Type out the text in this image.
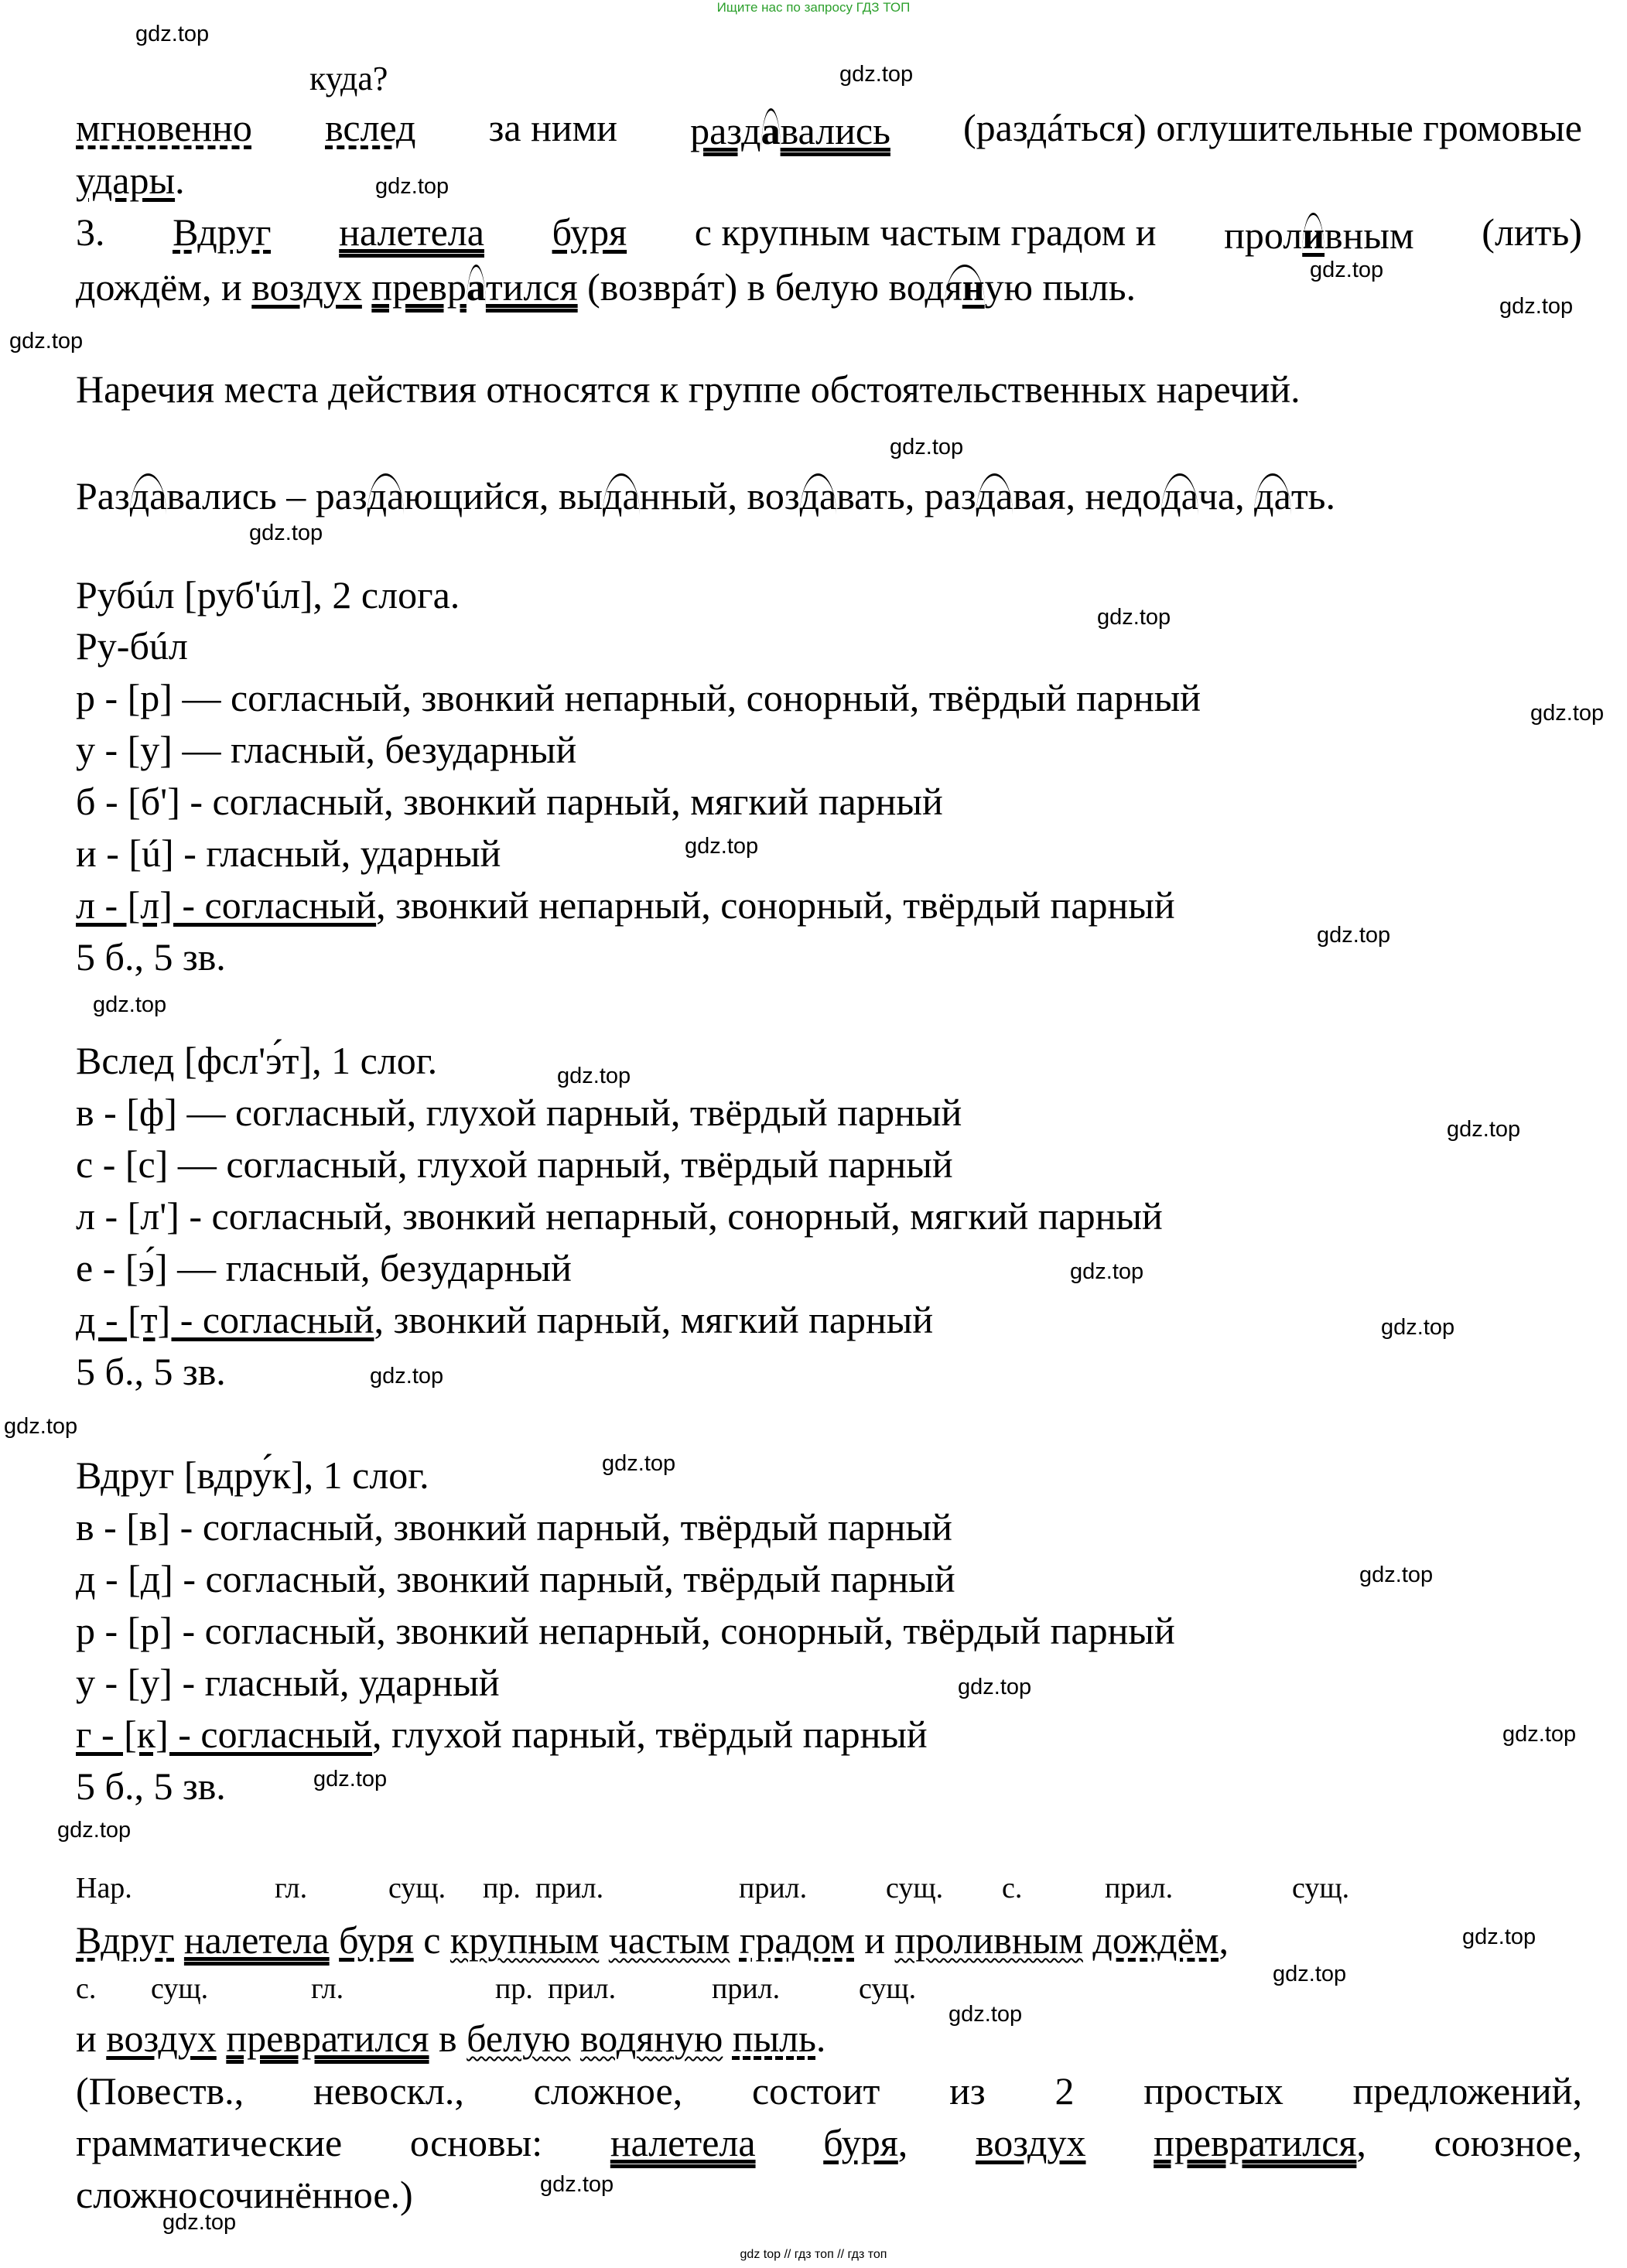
Ищите нас по запросу ГДЗ ТОП
gdz top // гдз топ // гдз топ
gdz.top
gdz.top
gdz.top
gdz.top
gdz.top
gdz.top
gdz.top
gdz.top
gdz.top
gdz.top
gdz.top
gdz.top
gdz.top
gdz.top
gdz.top
gdz.top
gdz.top
gdz.top
gdz.top
gdz.top
gdz.top
gdz.top
gdz.top
gdz.top
gdz.top
gdz.top
gdz.top
gdz.top
gdz.top
gdz.top
куда?
мгновенно вслед за ними раздавались (раздáться) оглушительные громовые
удары.
3. Вдруг налетела буря с крупным частым градом и проливным (лить)
дождём, и воздух превратился (возврáт) в белую водяную пыль.
Наречия места действия относятся к группе обстоятельственных наречий.
Раздавались – раздающийся, выданный, воздавать, раздавая, недодача, дать.
Рубúл [руб'úл], 2 слога.
Ру-бúл
р - [р] — согласный, звонкий непарный, сонорный, твёрдый парный
у - [у] — гласный, безударный
б - [б'] - согласный, звонкий парный, мягкий парный
и - [ú] - гласный, ударный
л - [л] - согласный, звонкий непарный, сонорный, твёрдый парный
5 б., 5 зв.
Вслед [фсл'э́т], 1 слог.
в - [ф] — согласный, глухой парный, твёрдый парный
с - [с] — согласный, глухой парный, твёрдый парный
л - [л'] - согласный, звонкий непарный, сонорный, мягкий парный
е - [э́] — гласный, безударный
д - [т] - согласный, звонкий парный, мягкий парный
5 б., 5 зв.
Вдруг [вдру́к], 1 слог.
в - [в] - согласный, звонкий парный, твёрдый парный
д - [д] - согласный, звонкий парный, твёрдый парный
р - [р] - согласный, звонкий непарный, сонорный, твёрдый парный
у - [у] - гласный, ударный
г - [к] - согласный, глухой парный, твёрдый парный
5 б., 5 зв.
Нар.	гл.	сущ. пр. прил.	прил.	сущ. с.	прил.	сущ.
Вдруг налетела буря с крупным частым градом и проливным дождём,
с. сущ.	гл.	пр. прил.	прил.	сущ.
и воздух превратился в белую водяную пыль.
(Повеств., невоскл., сложное, состоит из 2 простых предложений,
грамматические основы: налетела буря, воздух превратился, союзное,
сложносочинённое.)
